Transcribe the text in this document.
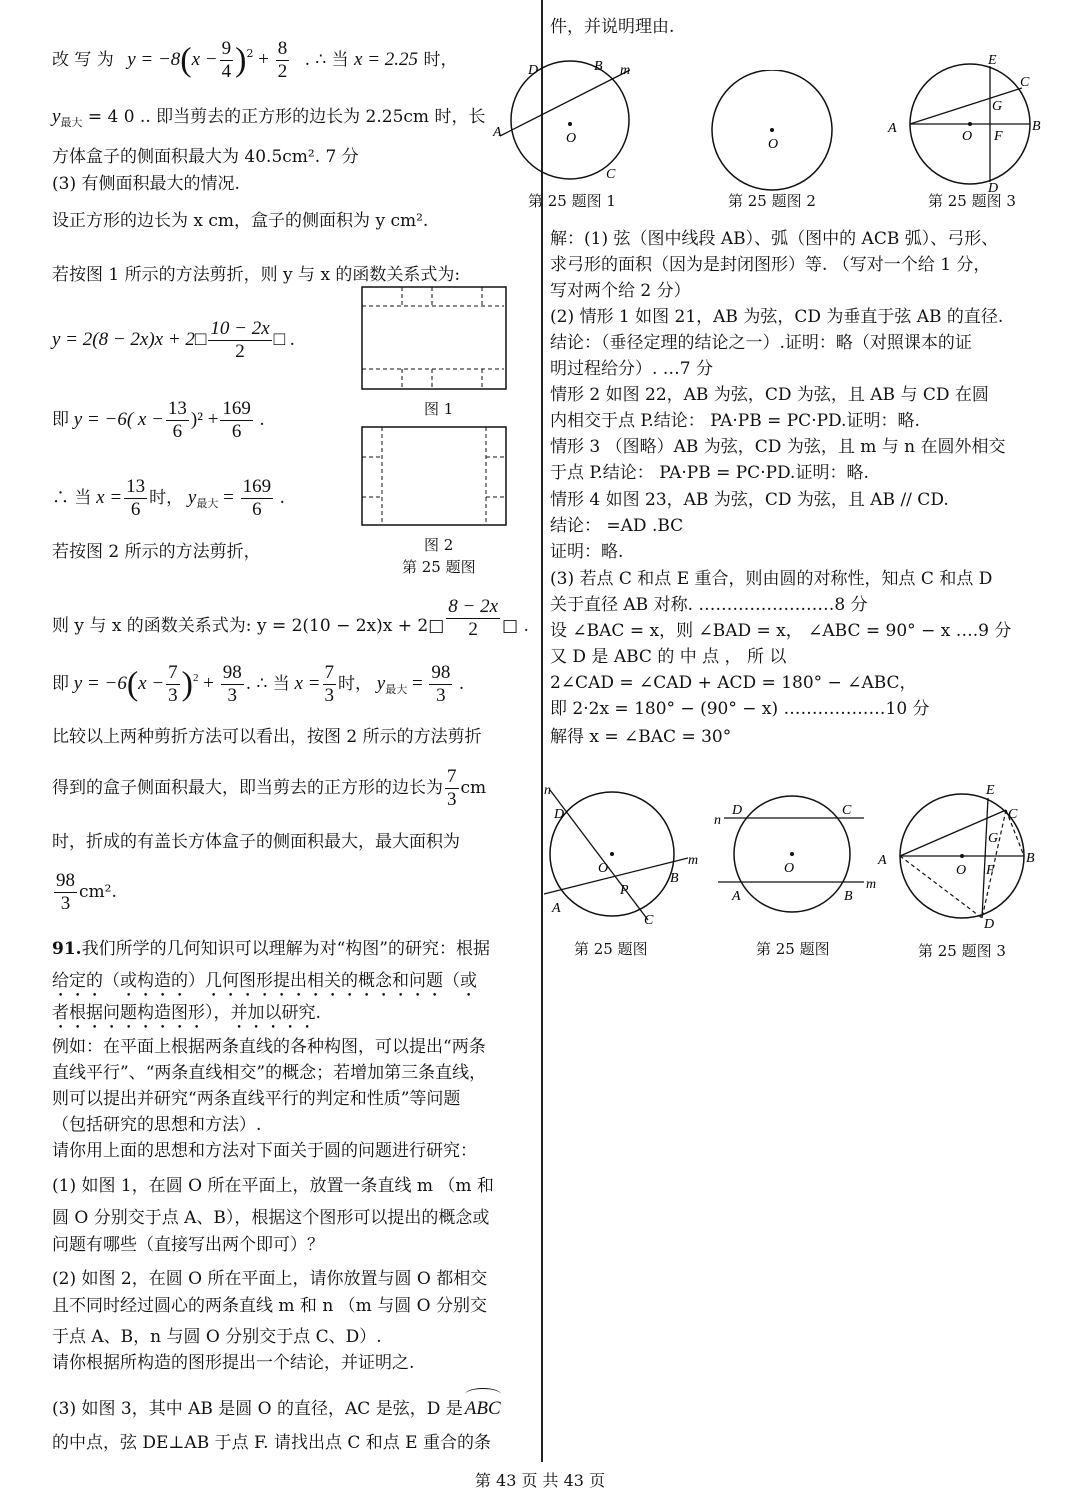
改 写 为 $y = -8(x - \frac{9}{4} )^2 + \frac{8}{2}$ . ∴ 当 x = 2.25 时，
$y_{最大} = 4$ 0 .. 即当剪去的正方形的边长为 2.25cm 时，长
方体盒子的侧面积最大为 40.5cm². 7 分
(3) 有侧面积最大的情况.
设正方形的边长为 x cm，盒子的侧面积为 y cm².
若按图 1 所示的方法剪折，则 y 与 x 的函数关系式为:
y = 2(8 − 2x)x + 2□ $\frac{10 - 2x}{2}$ □ .
即 y = −6( $x - \frac{13}{6} )^2 + \frac{169}{6}$ .
∴ 当 $x = \frac{13}{6}$ 时， $y_{最大} = \frac{169}{6}$ .
若按图 2 所示的方法剪折，
则 y 与 x 的函数关系式为: y = 2(10 − 2x)x + 2□ $\frac{8 - 2x}{2}$ □ .
即 $y = -6(x - \frac{7}{3} )^2 + \frac{98}{3}$ . ∴ 当 $x = \frac{7}{3}$ 时， $y_{最大} = \frac{98}{3}$ .
比较以上两种剪折方法可以看出，按图 2 所示的方法剪折
得到的盒子侧面积最大，即当剪去的正方形的边长为 $\frac{7}{3}$ cm
时，折成的有盖长方体盒子的侧面积最大，最大面积为
$\frac{98}{3} cm^2$.
图 1
图 2
第 25 题图
91.我们所学的几何知识可以理解为对“构图”的研究：根据
给定的（或构造的）几何图形提出相关的概念和问题（或
者根据问题构造图形），并加以研究.
例如：在平面上根据两条直线的各种构图，可以提出“两条
直线平行”、“两条直线相交”的概念；若增加第三条直线，
则可以提出并研究“两条直线平行的判定和性质”等问题
（包括研究的思想和方法）.
请你用上面的思想和方法对下面关于圆的问题进行研究：
(1) 如图 1，在圆 O 所在平面上，放置一条直线 m （m 和
圆 O 分别交于点 A、B），根据这个图形可以提出的概念或
问题有哪些（直接写出两个即可）？
(2) 如图 2，在圆 O 所在平面上，请你放置与圆 O 都相交
且不同时经过圆心的两条直线 m 和 n （m 与圆 O 分别交
于点 A、B，n 与圆 O 分别交于点 C、D）.
请你根据所构造的图形提出一个结论，并证明之.
(3) 如图 3，其中 AB 是圆 O 的直径，AC 是弦，D 是 ABC
的中点，弦 DE⊥AB 于点 F. 请找出点 C 和点 E 重合的条
O
D	B m
A
C
件，并说明理由.
O
A	B
E
C
G
O F
D
第 25 题图 1	第 25 题图 2	第 25 题图 3
解：(1) 弦（图中线段 AB）、弧（图中的 ACB 弧）、弓形、
求弓形的面积（因为是封闭图形）等. （写对一个给 1 分，
写对两个给 2 分）
(2) 情形 1 如图 21，AB 为弦，CD 为垂直于弦 AB 的直径.
结论：（垂径定理的结论之一）.证明：略（对照课本的证
明过程给分）. …7 分
情形 2 如图 22，AB 为弦，CD 为弦，且 AB 与 CD 在圆
内相交于点 P.结论： PA·PB = PC·PD.证明：略.
情形 3 （图略）AB 为弦，CD 为弦，且 m 与 n 在圆外相交
于点 P.结论： PA·PB = PC·PD.证明：略.
情形 4 如图 23，AB 为弦，CD 为弦，且 AB // CD.
结论： =AD .BC
证明：略.
(3) 若点 C 和点 E 重合，则由圆的对称性，知点 C 和点 D
关于直径 AB 对称. ……………………8 分
设 ∠BAC = x，则 ∠BAD = x， ∠ABC = 90° − x ….9 分
又 D 是 ABC 的 中 点 ， 所 以
2∠CAD = ∠CAD + ACD = 180° − ∠ABC，
即 2·2x = 180° − (90° − x) ………………10 分
解得 x = ∠BAC = 30°
n
D
O
P
m
B
A
C
n
D	C
O
m
A	B
E
C
G
A	B
O F
D
第 25 题图	第 25 题图	第 25 题图 3
第 43 页 共 43 页
